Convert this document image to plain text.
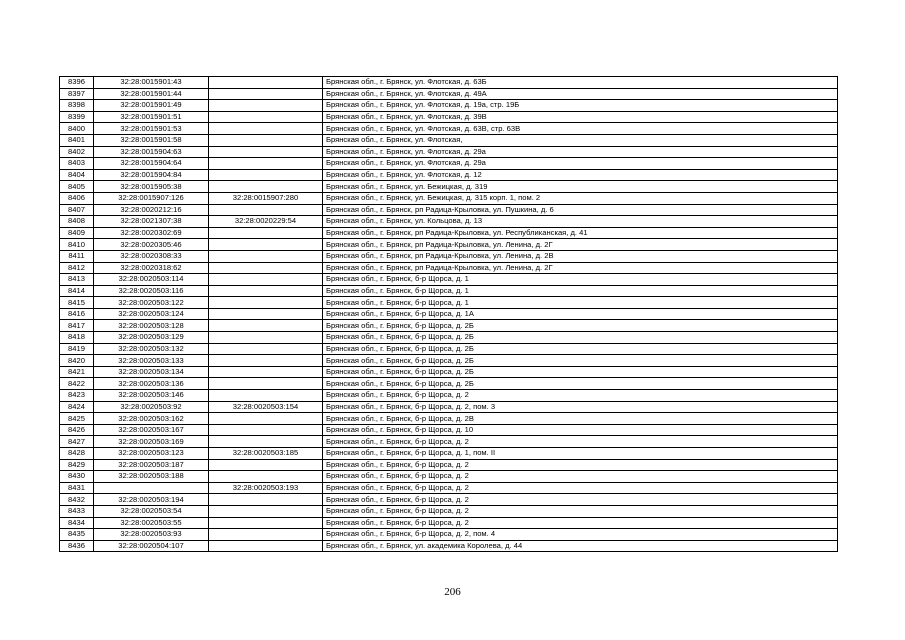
8396	32:28:0015901:43		Брянская обл., г. Брянск, ул. Флотская, д. 63Б
8397	32:28:0015901:44		Брянская обл., г. Брянск, ул. Флотская, д. 49А
8398	32:28:0015901:49		Брянская обл., г. Брянск, ул. Флотская, д. 19а, стр. 19Б
8399	32:28:0015901:51		Брянская обл., г. Брянск, ул. Флотская, д. 39В
8400	32:28:0015901:53		Брянская обл., г. Брянск, ул. Флотская, д. 63В, стр. 63В
8401	32:28:0015901:58		Брянская обл., г. Брянск, ул. Флотская,
8402	32:28:0015904:63		Брянская обл., г. Брянск, ул. Флотская, д. 29а
8403	32:28:0015904:64		Брянская обл., г. Брянск, ул. Флотская, д. 29а
8404	32:28:0015904:84		Брянская обл., г. Брянск, ул. Флотская, д. 12
8405	32:28:0015905:38		Брянская обл., г. Брянск, ул. Бежицкая, д. 319
8406	32:28:0015907:126	32:28:0015907:280	Брянская обл., г. Брянск, ул. Бежицкая, д. 315 корп. 1, пом. 2
8407	32:28:0020212:16		Брянская обл., г. Брянск, рп Радица-Крыловка, ул. Пушкина, д. 6
8408	32:28:0021307:38	32:28:0020229:54	Брянская обл., г. Брянск, ул. Кольцова, д. 13
8409	32:28:0020302:69		Брянская обл., г. Брянск, рп Радица-Крыловка, ул. Республиканская, д. 41
8410	32:28:0020305:46		Брянская обл., г. Брянск, рп Радица-Крыловка, ул. Ленина, д. 2Г
8411	32:28:0020308:33		Брянская обл., г. Брянск, рп Радица-Крыловка, ул. Ленина, д. 2В
8412	32:28:0020318:62		Брянская обл., г. Брянск, рп Радица-Крыловка, ул. Ленина, д. 2Г
8413	32:28:0020503:114		Брянская обл., г. Брянск, б-р Щорса, д. 1
8414	32:28:0020503:116		Брянская обл., г. Брянск, б-р Щорса, д. 1
8415	32:28:0020503:122		Брянская обл., г. Брянск, б-р Щорса, д. 1
8416	32:28:0020503:124		Брянская обл., г. Брянск, б-р Щорса, д. 1А
8417	32:28:0020503:128		Брянская обл., г. Брянск, б-р Щорса, д. 2Б
8418	32:28:0020503:129		Брянская обл., г. Брянск, б-р Щорса, д. 2Б
8419	32:28:0020503:132		Брянская обл., г. Брянск, б-р Щорса, д. 2Б
8420	32:28:0020503:133		Брянская обл., г. Брянск, б-р Щорса, д. 2Б
8421	32:28:0020503:134		Брянская обл., г. Брянск, б-р Щорса, д. 2Б
8422	32:28:0020503:136		Брянская обл., г. Брянск, б-р Щорса, д. 2Б
8423	32:28:0020503:146		Брянская обл., г. Брянск, б-р Щорса, д. 2
8424	32:28:0020503:92	32:28:0020503:154	Брянская обл., г. Брянск, б-р Щорса, д. 2, пом. 3
8425	32:28:0020503:162		Брянская обл., г. Брянск, б-р Щорса, д. 2В
8426	32:28:0020503:167		Брянская обл., г. Брянск, б-р Щорса, д. 10
8427	32:28:0020503:169		Брянская обл., г. Брянск, б-р Щорса, д. 2
8428	32:28:0020503:123	32:28:0020503:185	Брянская обл., г. Брянск, б-р Щорса, д. 1, пом. II
8429	32:28:0020503:187		Брянская обл., г. Брянск, б-р Щорса, д. 2
8430	32:28:0020503:188		Брянская обл., г. Брянск, б-р Щорса, д. 2
8431		32:28:0020503:193	Брянская обл., г. Брянск, б-р Щорса, д. 2
8432	32:28:0020503:194		Брянская обл., г. Брянск, б-р Щорса, д. 2
8433	32:28:0020503:54		Брянская обл., г. Брянск, б-р Щорса, д. 2
8434	32:28:0020503:55		Брянская обл., г. Брянск, б-р Щорса, д. 2
8435	32:28:0020503:93		Брянская обл., г. Брянск, б-р Щорса, д. 2, пом. 4
8436	32:28:0020504:107		Брянская обл., г. Брянск, ул. академика Королева, д. 44
206
